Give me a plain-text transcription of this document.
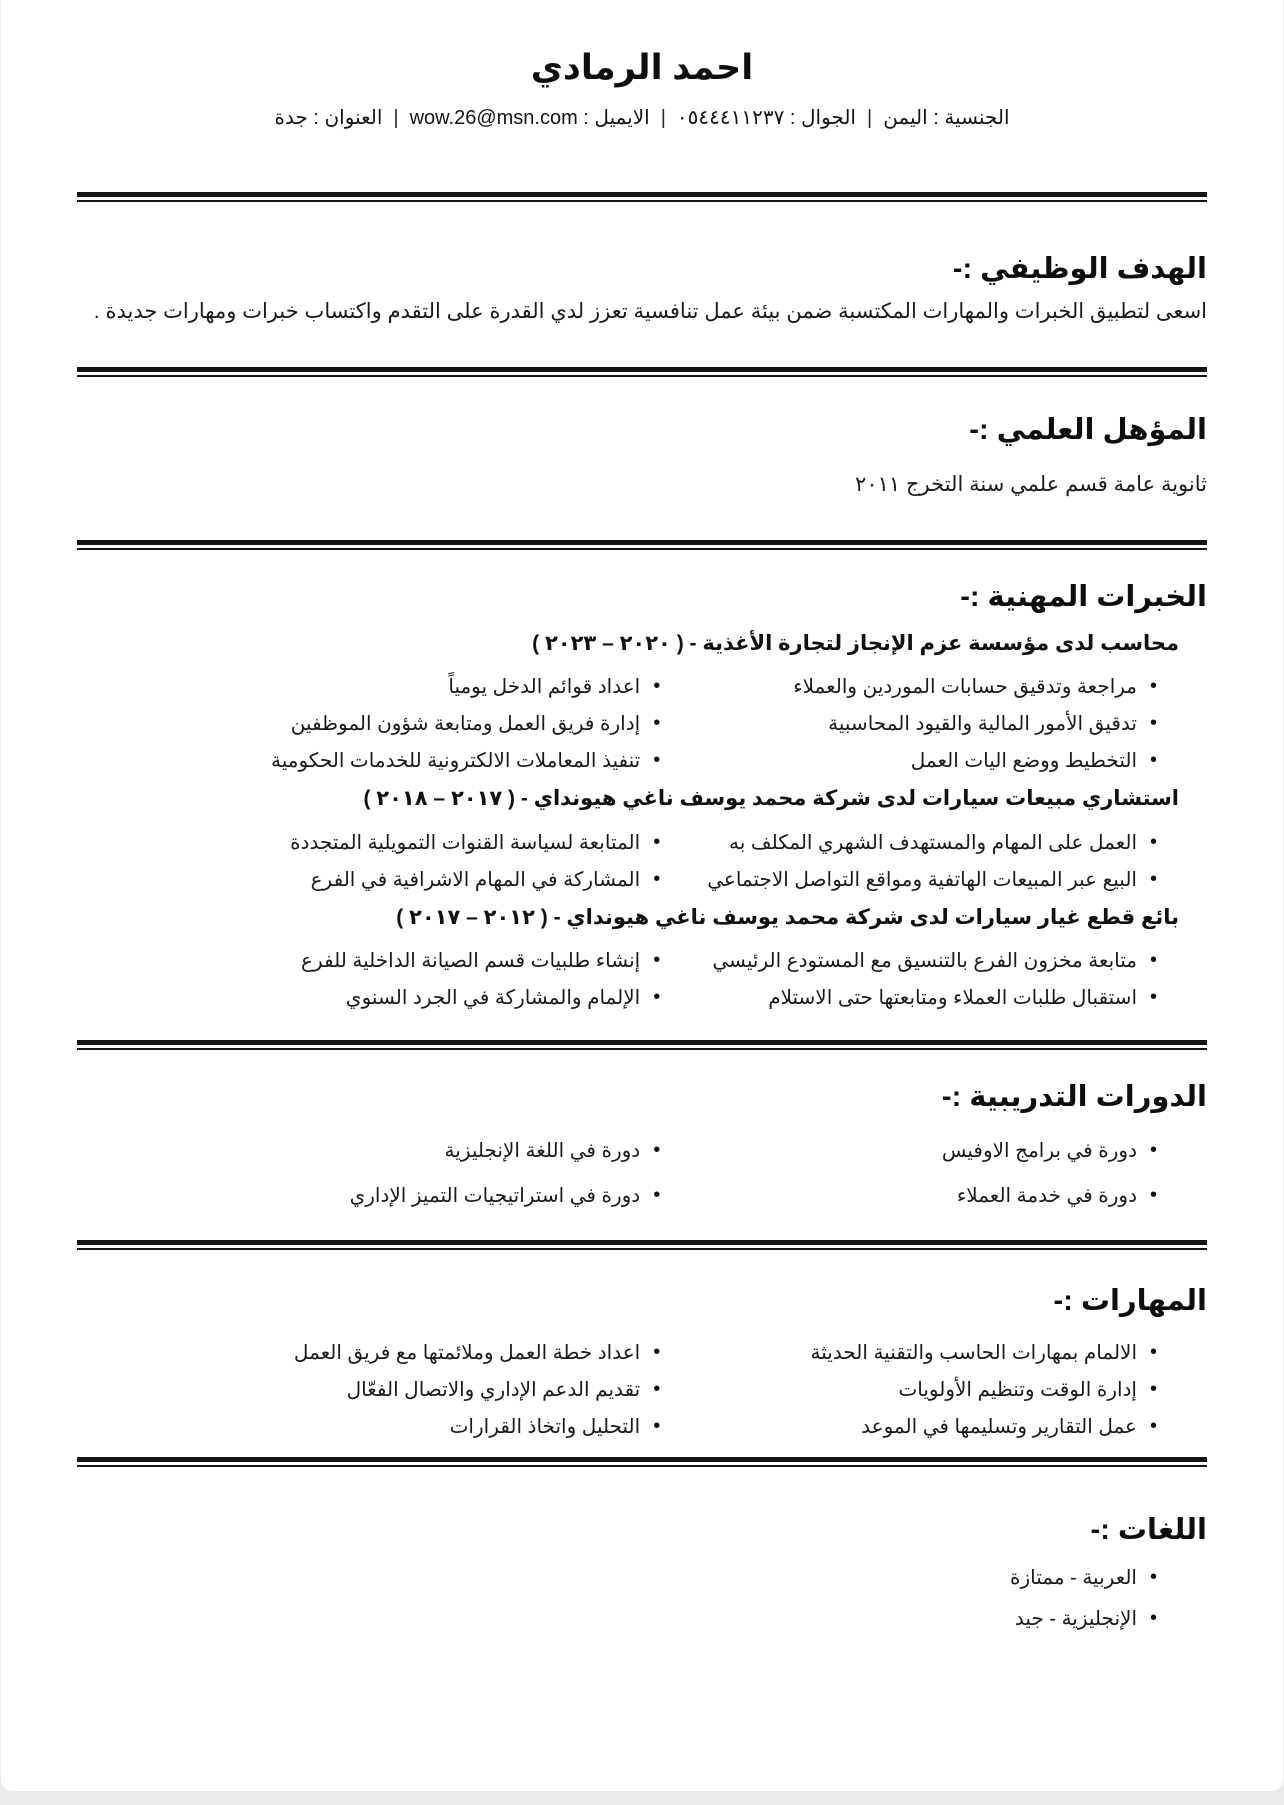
احمد الرمادي
الجنسية : اليمن
|
الجوال : ٠٥٤٤٤١١٢٣٧
|
الايميل : wow.26@msn.com
|
العنوان : جدة
الهدف الوظيفي :-

اسعى لتطبيق الخبرات والمهارات المكتسبة ضمن بيئة عمل تنافسية تعزز لدي القدرة على التقدم واكتساب خبرات ومهارات جديدة .

المؤهل العلمي :-

ثانوية عامة قسم علمي سنة التخرج ٢٠١١

الخبرات المهنية :-
محاسب لدى مؤسسة عزم الإنجاز لتجارة الأغذية - ( ٢٠٢٠ – ٢٠٢٣ )
• مراجعة وتدقيق حسابات الموردين والعملاء
• اعداد قوائم الدخل يومياً
• تدقيق الأمور المالية والقيود المحاسبية
• إدارة فريق العمل ومتابعة شؤون الموظفين
• التخطيط ووضع اليات العمل
• تنفيذ المعاملات الالكترونية للخدمات الحكومية
استشاري مبيعات سيارات لدى شركة محمد يوسف ناغي هيونداي - ( ٢٠١٧ – ٢٠١٨ )
• العمل على المهام والمستهدف الشهري المكلف به
• المتابعة لسياسة القنوات التمويلية المتجددة
• البيع عبر المبيعات الهاتفية ومواقع التواصل الاجتماعي
• المشاركة في المهام الاشرافية في الفرع
بائع قطع غيار سيارات لدى شركة محمد يوسف ناغي هيونداي - ( ٢٠١٢ – ٢٠١٧ )
• متابعة مخزون الفرع بالتنسيق مع المستودع الرئيسي
• إنشاء طلبيات قسم الصيانة الداخلية للفرع
• استقبال طلبات العملاء ومتابعتها حتى الاستلام
• الإلمام والمشاركة في الجرد السنوي
الدورات التدريبية :-
• دورة في برامج الاوفيس
• دورة في اللغة الإنجليزية
• دورة في خدمة العملاء
• دورة في استراتيجيات التميز الإداري
المهارات :-
• الالمام بمهارات الحاسب والتقنية الحديثة
• اعداد خطة العمل وملائمتها مع فريق العمل
• إدارة الوقت وتنظيم الأولويات
• تقديم الدعم الإداري والاتصال الفعّال
• عمل التقارير وتسليمها في الموعد
• التحليل واتخاذ القرارات
اللغات :-
• العربية - ممتازة
• الإنجليزية - جيد
